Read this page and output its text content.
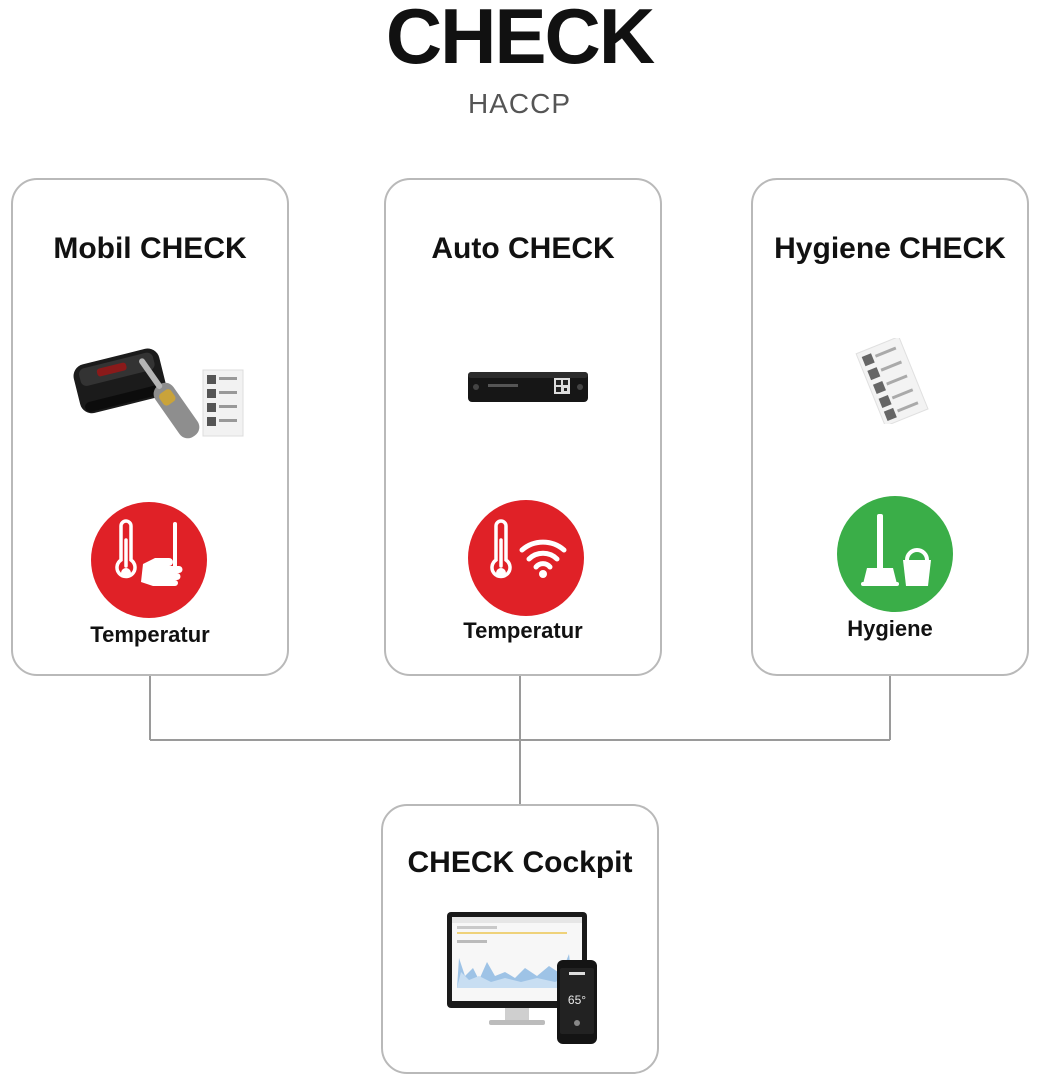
CHECK
HACCP
Mobil CHECK
Temperatur
Auto CHECK
Temperatur
Hygiene CHECK
Hygiene
CHECK Cockpit
65°
